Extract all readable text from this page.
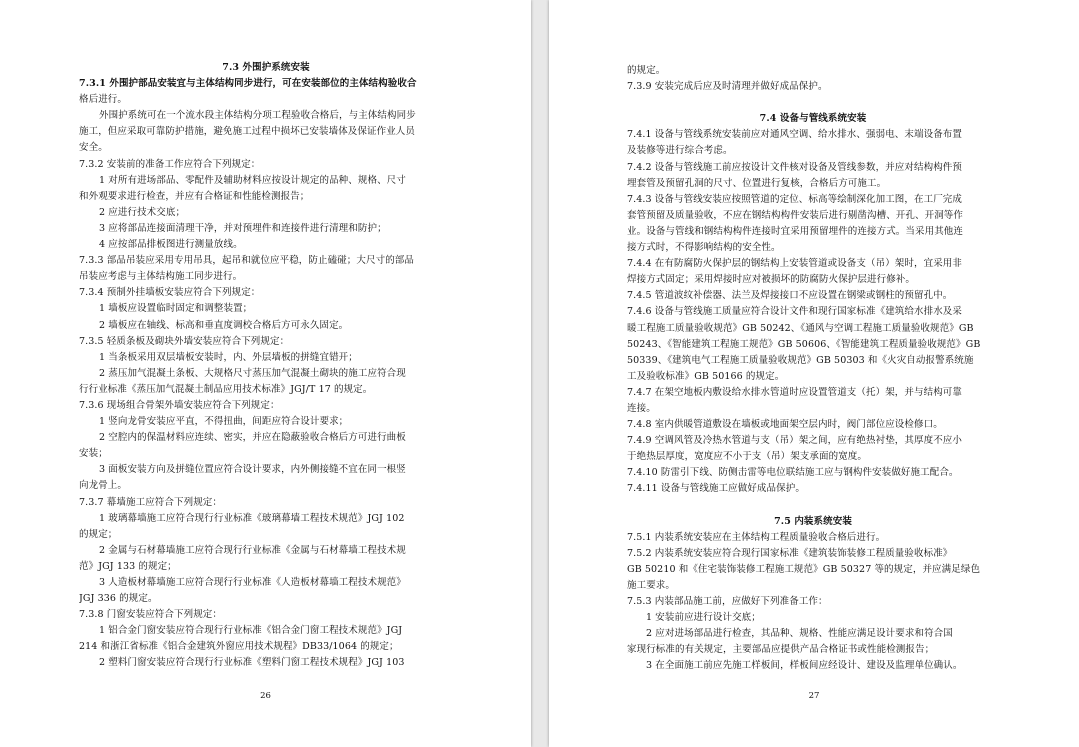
7.3 外围护系统安装
7.3.1 外围护部品安装宜与主体结构同步进行，可在安装部位的主体结构验收合
格后进行。
外围护系统可在一个流水段主体结构分项工程验收合格后，与主体结构同步
施工，但应采取可靠防护措施，避免施工过程中损坏已安装墙体及保证作业人员
安全。
7.3.2 安装前的准备工作应符合下列规定：
1 对所有进场部品、零配件及辅助材料应按设计规定的品种、规格、尺寸
和外观要求进行检查，并应有合格证和性能检测报告；
2 应进行技术交底；
3 应将部品连接面清理干净，并对预埋件和连接件进行清理和防护；
4 应按部品排板图进行测量放线。
7.3.3 部品吊装应采用专用吊具，起吊和就位应平稳，防止磕碰；大尺寸的部品
吊装应考虑与主体结构施工同步进行。
7.3.4 预制外挂墙板安装应符合下列规定：
1 墙板应设置临时固定和调整装置；
2 墙板应在轴线、标高和垂直度调校合格后方可永久固定。
7.3.5 轻质条板及砌块外墙安装应符合下列规定：
1 当条板采用双层墙板安装时，内、外层墙板的拼缝宜错开；
2 蒸压加气混凝土条板、大规格尺寸蒸压加气混凝土砌块的施工应符合现
行行业标准《蒸压加气混凝土制品应用技术标准》JGJ/T 17 的规定。
7.3.6 现场组合骨架外墙安装应符合下列规定：
1 竖向龙骨安装应平直，不得扭曲，间距应符合设计要求；
2 空腔内的保温材料应连续、密实，并应在隐蔽验收合格后方可进行曲板
安装；
3 面板安装方向及拼缝位置应符合设计要求，内外侧接缝不宜在同一根竖
向龙骨上。
7.3.7 幕墙施工应符合下列规定：
1 玻璃幕墙施工应符合现行行业标准《玻璃幕墙工程技术规范》JGJ 102
的规定；
2 金属与石材幕墙施工应符合现行行业标准《金属与石材幕墙工程技术规
范》JGJ 133 的规定；
3 人造板材幕墙施工应符合现行行业标准《人造板材幕墙工程技术规范》
JGJ 336 的规定。
7.3.8 门窗安装应符合下列规定：
1 铝合金门窗安装应符合现行行业标准《铝合金门窗工程技术规范》JGJ
214 和浙江省标准《铝合金建筑外窗应用技术规程》DB33/1064 的规定；
2 塑料门窗安装应符合现行行业标准《塑料门窗工程技术规程》JGJ 103
26
的规定。
7.3.9 安装完成后应及时清理并做好成品保护。

7.4 设备与管线系统安装
7.4.1 设备与管线系统安装前应对通风空调、给水排水、强弱电、末端设备布置
及装修等进行综合考虑。
7.4.2 设备与管线施工前应按设计文件核对设备及管线参数，并应对结构构件预
埋套管及预留孔洞的尺寸、位置进行复核，合格后方可施工。
7.4.3 设备与管线安装应按照管道的定位、标高等绘制深化加工图，在工厂完成
套管预留及质量验收，不应在钢结构构件安装后进行剔凿沟槽、开孔、开洞等作
业。设备与管线和钢结构构件连接时宜采用预留埋件的连接方式。当采用其他连
接方式时，不得影响结构的安全性。
7.4.4 在有防腐防火保护层的钢结构上安装管道或设备支（吊）架时，宜采用非
焊接方式固定；采用焊接时应对被损坏的防腐防火保护层进行修补。
7.4.5 管道波纹补偿器、法兰及焊接接口不应设置在钢梁或钢柱的预留孔中。
7.4.6 设备与管线施工质量应符合设计文件和现行国家标准《建筑给水排水及采
暖工程施工质量验收规范》GB 50242、《通风与空调工程施工质量验收规范》GB
50243、《智能建筑工程施工规范》GB 50606、《智能建筑工程质量验收规范》GB
50339、《建筑电气工程施工质量验收规范》GB 50303 和《火灾自动报警系统施
工及验收标准》GB 50166 的规定。
7.4.7 在架空地板内敷设给水排水管道时应设置管道支（托）架，并与结构可靠
连接。
7.4.8 室内供暖管道敷设在墙板或地面架空层内时，阀门部位应设检修口。
7.4.9 空调风管及冷热水管道与支（吊）架之间，应有绝热衬垫，其厚度不应小
于绝热层厚度，宽度应不小于支（吊）架支承面的宽度。
7.4.10 防雷引下线、防侧击雷等电位联结施工应与钢构件安装做好施工配合。
7.4.11 设备与管线施工应做好成品保护。

7.5 内装系统安装
7.5.1 内装系统安装应在主体结构工程质量验收合格后进行。
7.5.2 内装系统安装应符合现行国家标准《建筑装饰装修工程质量验收标准》
GB 50210 和《住宅装饰装修工程施工规范》GB 50327 等的规定，并应满足绿色
施工要求。
7.5.3 内装部品施工前，应做好下列准备工作：
1 安装前应进行设计交底；
2 应对进场部品进行检查，其品种、规格、性能应满足设计要求和符合国
家现行标准的有关规定，主要部品应提供产品合格证书或性能检测报告；
3 在全面施工前应先施工样板间，样板间应经设计、建设及监理单位确认。
27
